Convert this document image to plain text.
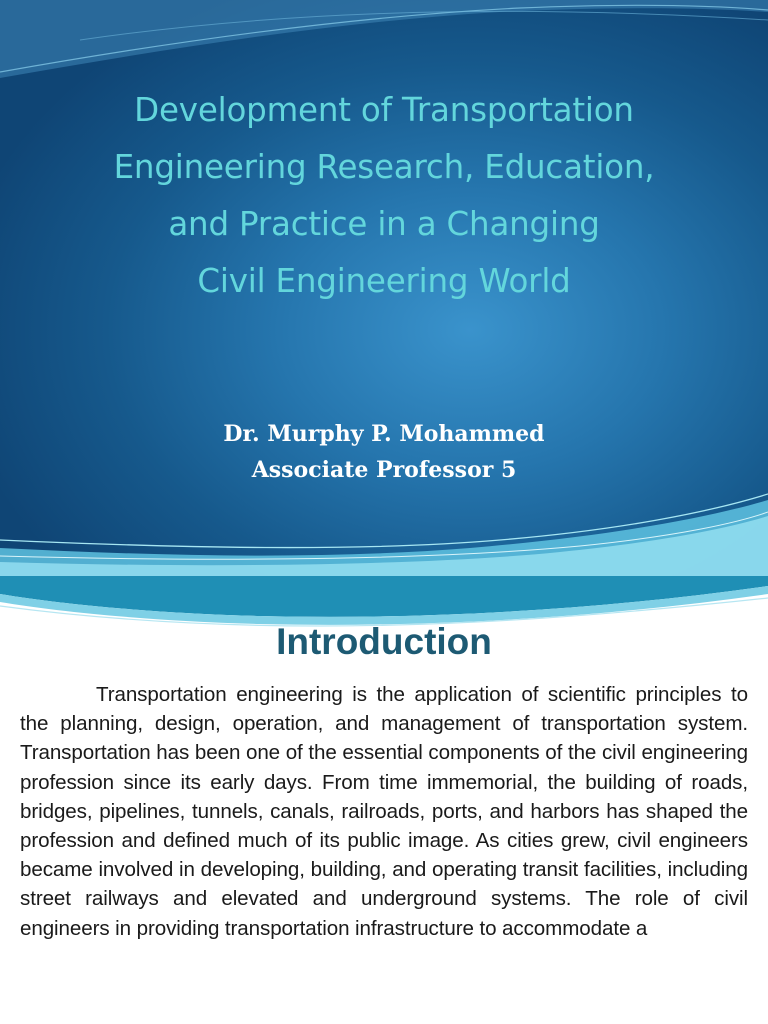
Development of Transportation
Engineering Research, Education,
and Practice in a Changing
Civil Engineering World
Dr. Murphy P. Mohammed
Associate Professor 5
Introduction

Transportation engineering is the application of scientific principles to the planning, design, operation, and management of transportation system. Transportation has been one of the essential components of the civil engineering profession since its early days. From time immemorial, the building of roads, bridges, pipelines, tunnels, canals, railroads, ports, and harbors has shaped the profession and defined much of its public image. As cities grew, civil engineers became involved in developing, building, and operating transit facilities, including street railways and elevated and underground systems. The role of civil engineers in providing transportation infrastructure to accommodate a
